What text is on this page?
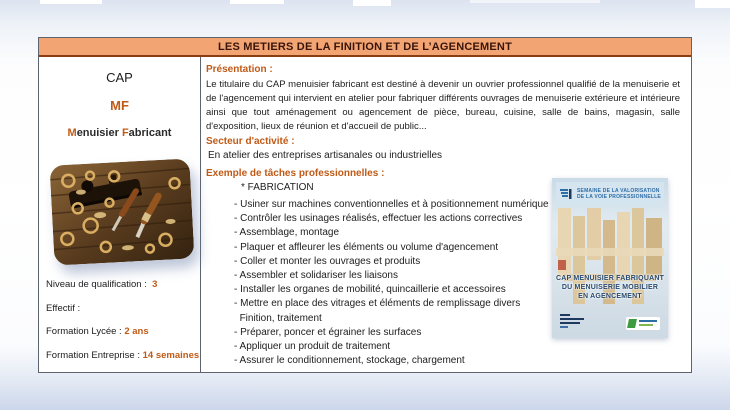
LES METIERS DE LA FINITION ET DE L’AGENCEMENT
CAP
MF
Menuisier Fabricant
Niveau de qualification :  3
Effectif :
Formation Lycée : 2 ans
Formation Entreprise : 14 semaines
Présentation :
Le titulaire du CAP menuisier fabricant est destiné à devenir un ouvrier professionnel qualifié de la menuiserie et de l'agencement qui intervient en atelier pour fabriquer différents ouvrages de menuiserie extérieure et intérieure ainsi que tout aménagement ou agencement de pièce, bureau, cuisine, salle de bains, magasin, salle d'exposition, lieux de réunion et d'accueil de public...
Secteur d'activité :
En atelier des entreprises artisanales ou industrielles
Exemple de tâches professionnelles :
* FABRICATION
- Usiner sur machines conventionnelles et à positionnement numérique
- Contrôler les usinages réalisés, effectuer les actions correctives
- Assemblage, montage
- Plaquer et affleurer les éléments ou volume d'agencement
- Coller et monter les ouvrages et produits
- Assembler et solidariser les liaisons
- Installer les organes de mobilité, quincaillerie et accessoires
- Mettre en place des vitrages et éléments de remplissage divers
Finition, traitement
- Préparer, poncer et égrainer les surfaces
- Appliquer un produit de traitement
- Assurer le conditionnement, stockage, chargement
SEMAINE DE LA VALORISATION
DE LA VOIE PROFESSIONNELLE
CAP MENUISIER FABRIQUANT
DU MENUISERIE MOBILIER
EN AGENCEMENT
